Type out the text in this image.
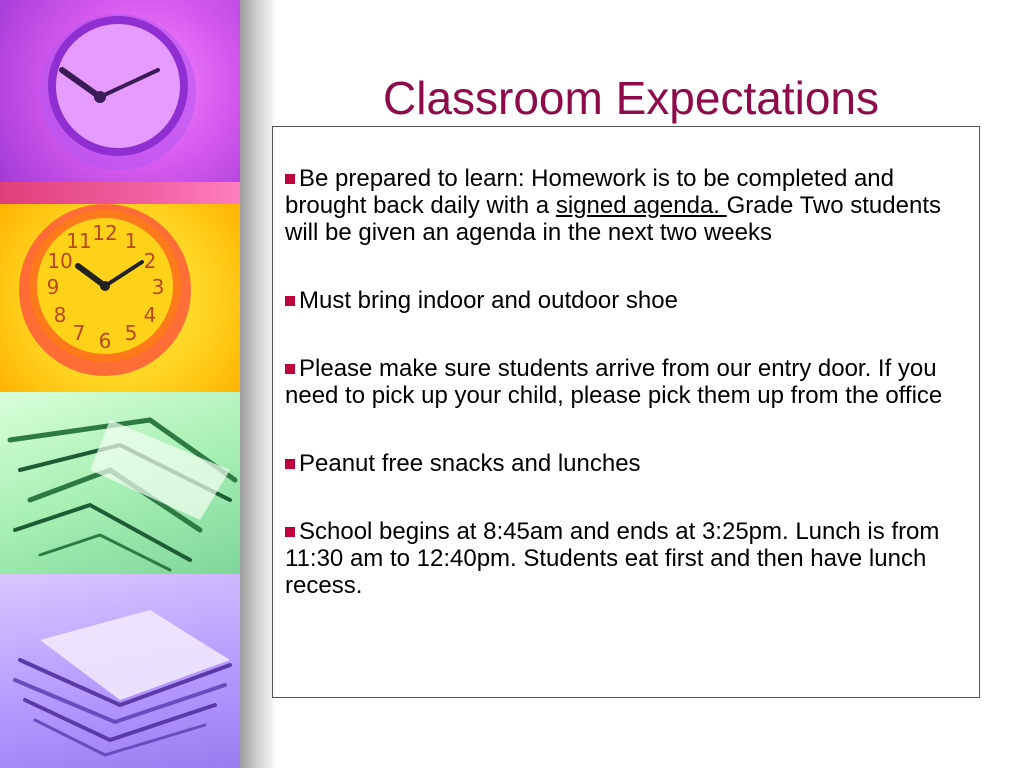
12 1
2
3
4
5
6
7
8
9
10
11
Classroom Expectations
Be prepared to learn: Homework is to be completed and brought back daily with a signed agenda. Grade Two students will be given an agenda in the next two weeks
Must bring indoor and outdoor shoe
Please make sure students arrive from our entry door. If you need to pick up your child, please pick them up from the office
Peanut free snacks and lunches
School begins at 8:45am and ends at 3:25pm. Lunch is from 11:30 am to 12:40pm. Students eat first and then have lunch recess.
